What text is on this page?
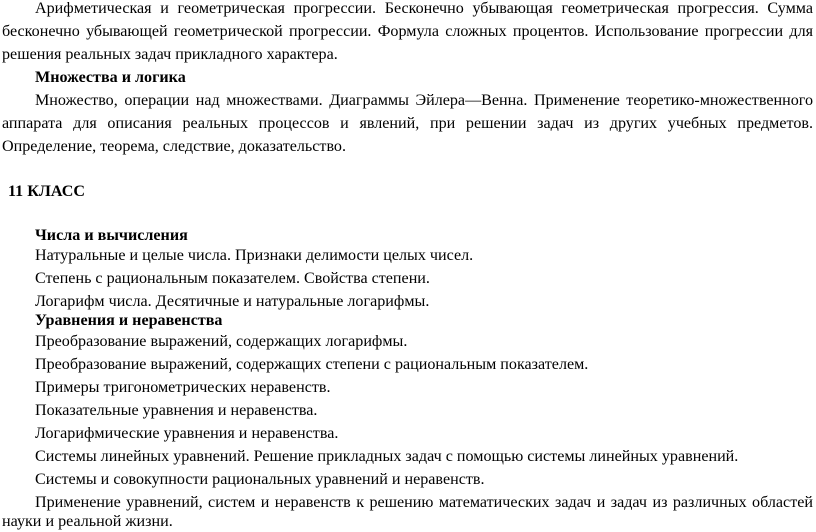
Арифметическая и геометрическая прогрессии. Бесконечно убывающая геометрическая прогрессия. Сумма
бесконечно убывающей геометрической прогрессии. Формула сложных процентов. Использование прогрессии для
решения реальных задач прикладного характера.
Множества и логика
Множество, операции над множествами. Диаграммы Эйлера—Венна. Применение теоретико-множественного
аппарата для описания реальных процессов и явлений, при решении задач из других учебных предметов.
Определение, теорема, следствие, доказательство.
11 КЛАСС
Числа и вычисления
Натуральные и целые числа. Признаки делимости целых чисел.
Степень с рациональным показателем. Свойства степени.
Логарифм числа. Десятичные и натуральные логарифмы.
Уравнения и неравенства
Преобразование выражений, содержащих логарифмы.
Преобразование выражений, содержащих степени с рациональным показателем.
Примеры тригонометрических неравенств.
Показательные уравнения и неравенства.
Логарифмические уравнения и неравенства.
Системы линейных уравнений. Решение прикладных задач с помощью системы линейных уравнений.
Системы и совокупности рациональных уравнений и неравенств.
Применение уравнений, систем и неравенств к решению математических задач и задач из различных областей
науки и реальной жизни.
